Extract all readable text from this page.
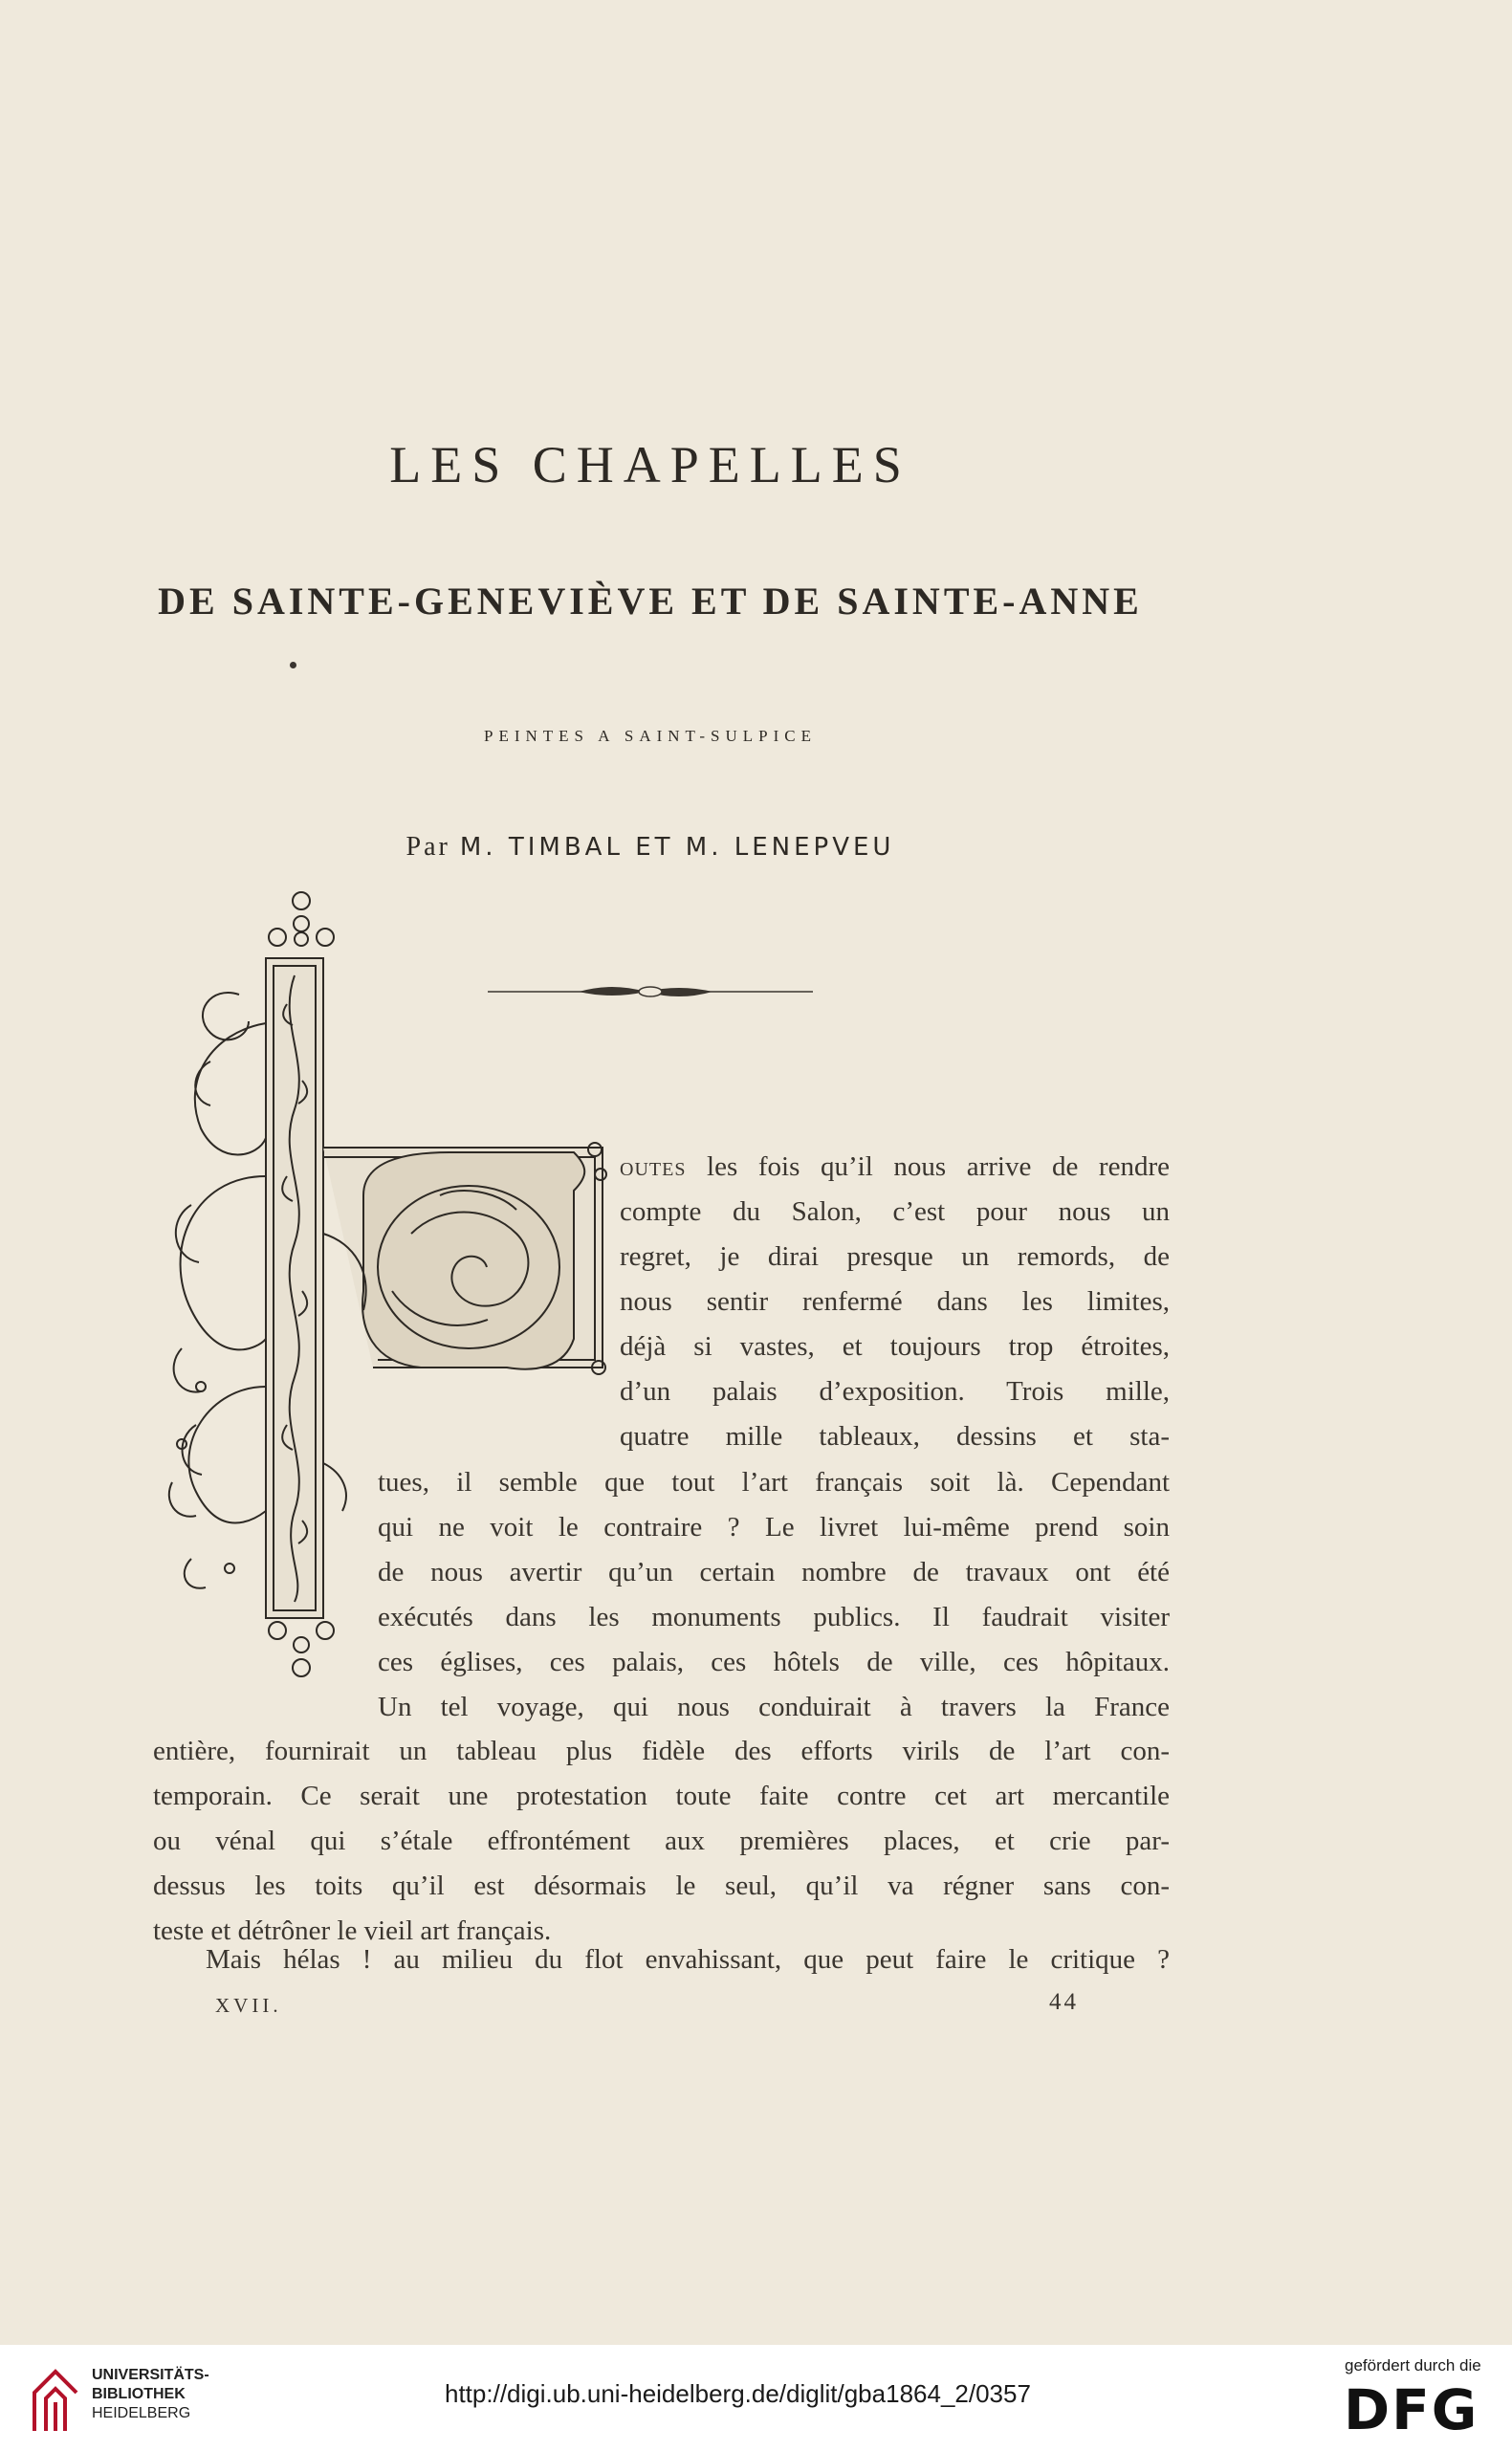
LES CHAPELLES
DE SAINTE-GENEVIÈVE ET DE SAINTE-ANNE
PEINTES A SAINT-SULPICE
Par M. TIMBAL ET M. LENEPVEU
outes les fois qu’il nous arrive de rendre
compte du Salon, c’est pour nous un
regret, je dirai presque un remords, de
nous sentir renfermé dans les limites,
déjà si vastes, et toujours trop étroites,
d’un palais d’exposition. Trois mille,
quatre mille tableaux, dessins et sta-
tues, il semble que tout l’art français soit là. Cependant
qui ne voit le contraire ? Le livret lui-même prend soin
de nous avertir qu’un certain nombre de travaux ont été
exécutés dans les monuments publics. Il faudrait visiter
ces églises, ces palais, ces hôtels de ville, ces hôpitaux.
Un tel voyage, qui nous conduirait à travers la France
entière, fournirait un tableau plus fidèle des efforts virils de l’art con-
temporain. Ce serait une protestation toute faite contre cet art mercantile
ou vénal qui s’étale effrontément aux premières places, et crie par-
dessus les toits qu’il est désormais le seul, qu’il va régner sans con-
teste et détrôner le vieil art français.
Mais hélas ! au milieu du flot envahissant, que peut faire le critique ?
XVII.	44
UNIVERSITÄTS-
BIBLIOTHEK
HEIDELBERG
http://digi.ub.uni-heidelberg.de/diglit/gba1864_2/0357
gefördert durch die
DFG
